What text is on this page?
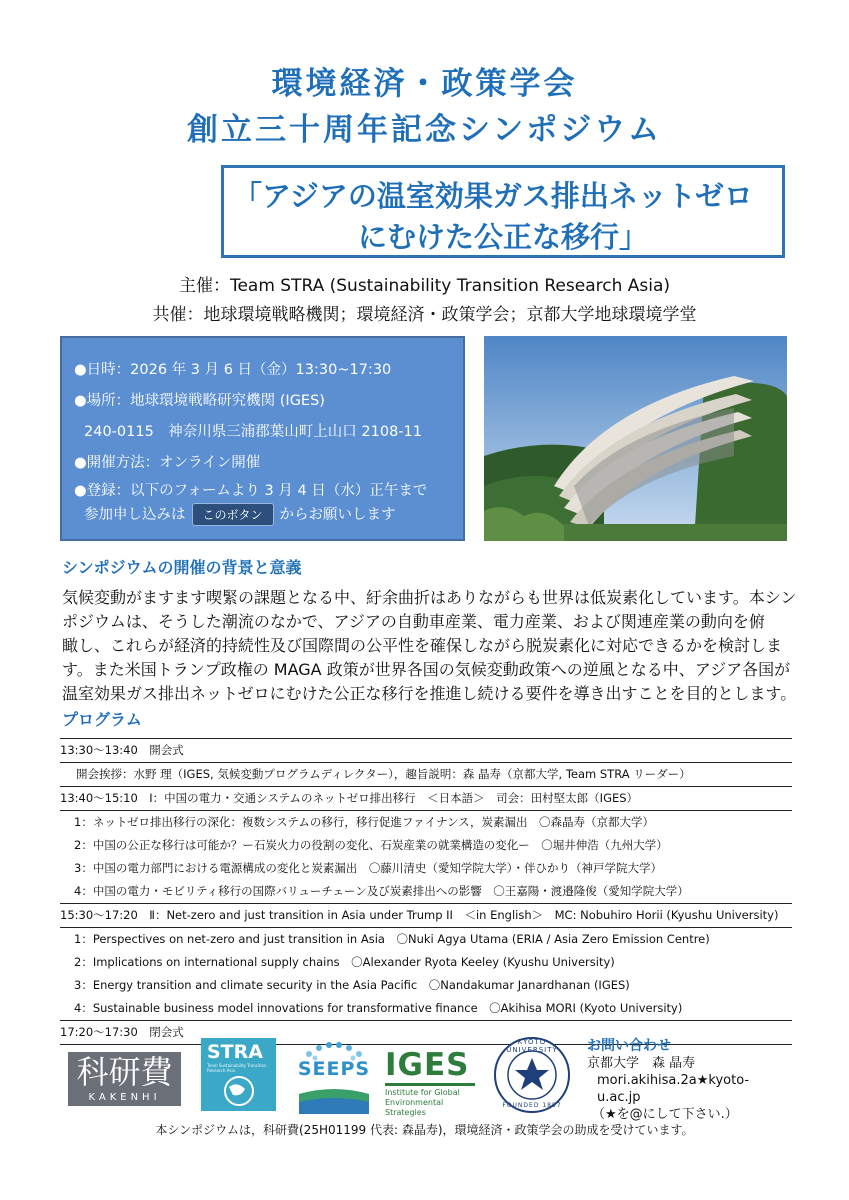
環境経済・政策学会
創立三十周年記念シンポジウム
「アジアの温室効果ガス排出ネットゼロ
にむけた公正な移行」
主催：Team STRA (Sustainability Transition Research Asia)
共催：地球環境戦略機関；環境経済・政策学会；京都大学地球環境学堂
●日時：2026 年 3 月 6 日（金）13:30~17:30
●場所：地球環境戦略研究機関 (IGES)
240-0115　神奈川県三浦郡葉山町上山口 2108-11
●開催方法：オンライン開催
●登録：以下のフォームより 3 月 4 日（水）正午まで
参加申し込みは このボタン からお願いします
シンポジウムの開催の背景と意義

気候変動がますます喫緊の課題となる中、紆余曲折はありながらも世界は低炭素化しています。本シン

ポジウムは、そうした潮流のなかで、アジアの自動車産業、電力産業、および関連産業の動向を俯

瞰し、これらが経済的持続性及び国際間の公平性を確保しながら脱炭素化に対応できるかを検討しま

す。また米国トランプ政権の MAGA 政策が世界各国の気候変動政策への逆風となる中、アジア各国が

温室効果ガス排出ネットゼロにむけた公正な移行を推進し続ける要件を導き出すことを目的とします。

プログラム
13:30～13:40　開会式
開会挨拶：水野 理（IGES, 気候変動プログラムディレクター），趣旨説明：森 晶寿（京都大学, Team STRA リーダー）
13:40～15:10　Ⅰ：中国の電力・交通システムのネットゼロ排出移行　＜日本語＞　司会：田村堅太郎（IGES）
1：ネットゼロ排出移行の深化：複数システムの移行，移行促進ファイナンス，炭素漏出　〇森晶寿（京都大学）
2：中国の公正な移行は可能か？ー石炭火力の役割の変化、石炭産業の就業構造の変化ー　〇堀井伸浩（九州大学）
3：中国の電力部門における電源構成の変化と炭素漏出　〇藤川清史（愛知学院大学）・伴ひかり（神戸学院大学）
4：中国の電力・モビリティ移行の国際バリューチェーン及び炭素排出への影響　〇王嘉陽・渡邉隆俊（愛知学院大学）
15:30～17:20　Ⅱ：Net-zero and just transition in Asia under Trump II　＜in English＞　MC: Nobuhiro Horii (Kyushu University)
1：Perspectives on net-zero and just transition in Asia　〇Nuki Agya Utama (ERIA / Asia Zero Emission Centre)
2：Implications on international supply chains　〇Alexander Ryota Keeley (Kyushu University)
3：Energy transition and climate security in the Asia Pacific　〇Nandakumar Janardhanan (IGES)
4：Sustainable business model innovations for transformative finance　〇Akihisa MORI (Kyoto University)
17:20～17:30　閉会式
科研費
KAKENHI
STRA
Team Sustainability Transition Research Asia	SEEPS IGES
Institute for Global
Environmental Strategies
KYOTO UNIVERSITY
FOUNDED 1897
お問い合わせ
京都大学　森 晶寿
mori.akihisa.2a★kyoto-u.ac.jp
（★を@にして下さい.）
本シンポジウムは，科研費(25H01199 代表: 森晶寿)，環境経済・政策学会の助成を受けています。
